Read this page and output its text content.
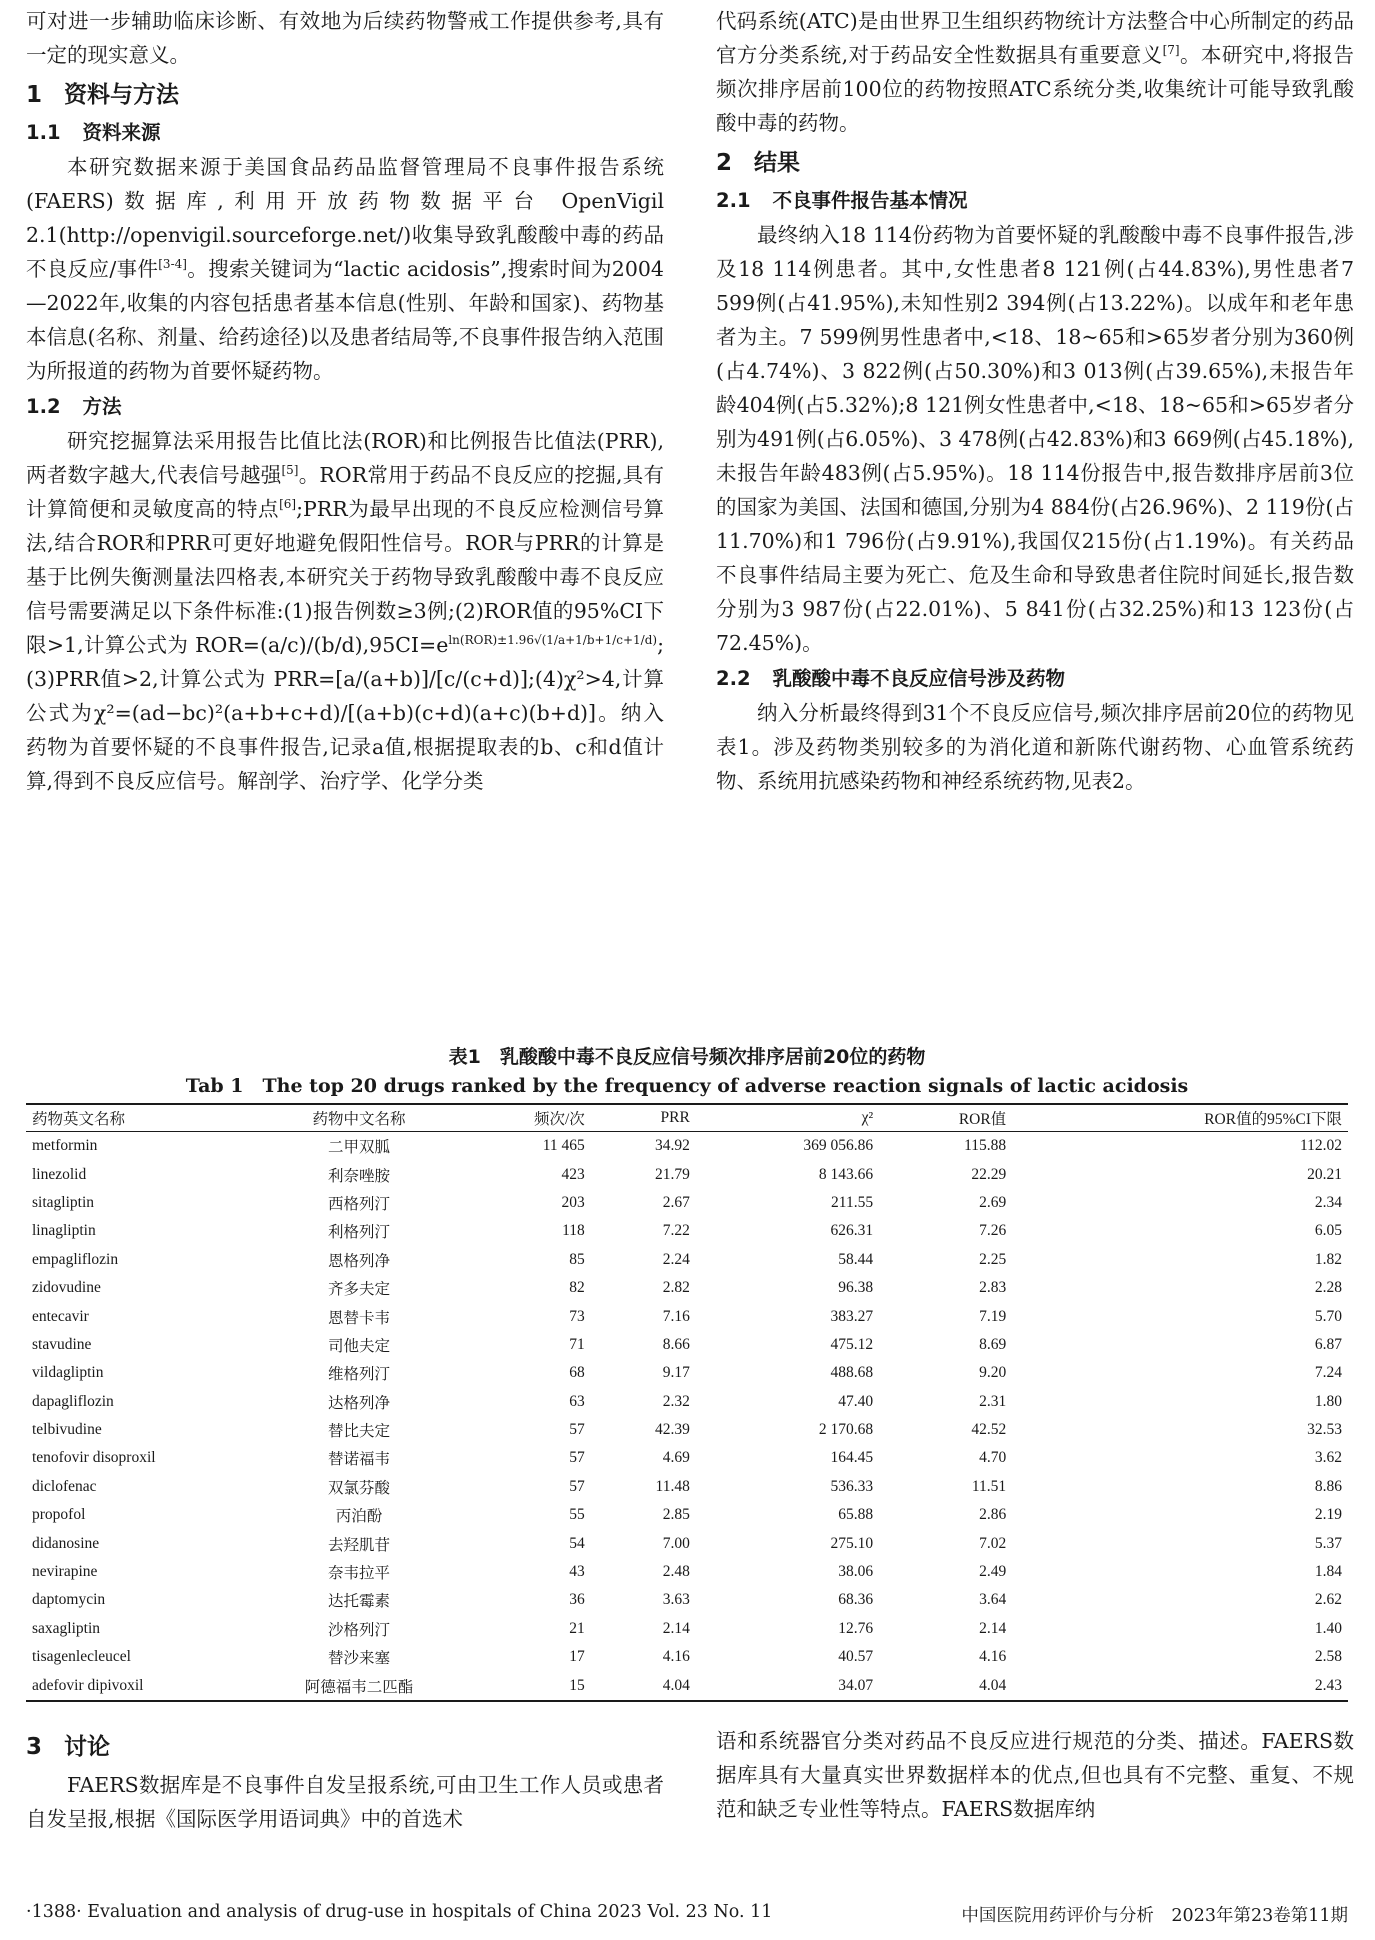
可对进一步辅助临床诊断、有效地为后续药物警戒工作提供参考,具有一定的现实意义。

1 资料与方法
1.1 资料来源

本研究数据来源于美国食品药品监督管理局不良事件报告系统(FAERS)数据库,利用开放药物数据平台 OpenVigil 2.1(http://openvigil.sourceforge.net/)收集导致乳酸酸中毒的药品不良反应/事件[3-4]。搜索关键词为“lactic acidosis”,搜索时间为2004—2022年,收集的内容包括患者基本信息(性别、年龄和国家)、药物基本信息(名称、剂量、给药途径)以及患者结局等,不良事件报告纳入范围为所报道的药物为首要怀疑药物。

1.2 方法

研究挖掘算法采用报告比值比法(ROR)和比例报告比值法(PRR),两者数字越大,代表信号越强[5]。ROR常用于药品不良反应的挖掘,具有计算简便和灵敏度高的特点[6];PRR为最早出现的不良反应检测信号算法,结合ROR和PRR可更好地避免假阳性信号。ROR与PRR的计算是基于比例失衡测量法四格表,本研究关于药物导致乳酸酸中毒不良反应信号需要满足以下条件标准:(1)报告例数≥3例;(2)ROR值的95%CI下限>1,计算公式为 $ROR=(a/c)/(b/d),95CI=e^{ln(ROR)\pm 1.96√(1/a+1/b+1/c+1/d)};(3)PRR$值>2,计算公式为 PRR=[a/(a+b)]/[c/(c+d)];(4)χ²>4,计算公式为χ²=(ad−bc)²(a+b+c+d)/[(a+b)(c+d)(a+c)(b+d)]。纳入药物为首要怀疑的不良事件报告,记录a值,根据提取表的b、c和d值计算,得到不良反应信号。解剖学、治疗学、化学分类

代码系统(ATC)是由世界卫生组织药物统计方法整合中心所制定的药品官方分类系统,对于药品安全性数据具有重要意义[7]。本研究中,将报告频次排序居前100位的药物按照ATC系统分类,收集统计可能导致乳酸酸中毒的药物。

2 结果
2.1 不良事件报告基本情况

最终纳入18 114份药物为首要怀疑的乳酸酸中毒不良事件报告,涉及18 114例患者。其中,女性患者8 121例(占44.83%),男性患者7 599例(占41.95%),未知性别2 394例(占13.22%)。以成年和老年患者为主。7 599例男性患者中,<18、18~65和>65岁者分别为360例(占4.74%)、3 822例(占50.30%)和3 013例(占39.65%),未报告年龄404例(占5.32%);8 121例女性患者中,<18、18~65和>65岁者分别为491例(占6.05%)、3 478例(占42.83%)和3 669例(占45.18%),未报告年龄483例(占5.95%)。18 114份报告中,报告数排序居前3位的国家为美国、法国和德国,分别为4 884份(占26.96%)、2 119份(占11.70%)和1 796份(占9.91%),我国仅215份(占1.19%)。有关药品不良事件结局主要为死亡、危及生命和导致患者住院时间延长,报告数分别为3 987份(占22.01%)、5 841份(占32.25%)和13 123份(占72.45%)。

2.2 乳酸酸中毒不良反应信号涉及药物

纳入分析最终得到31个不良反应信号,频次排序居前20位的药物见表1。涉及药物类别较多的为消化道和新陈代谢药物、心血管系统药物、系统用抗感染药物和神经系统药物,见表2。

表1　乳酸酸中毒不良反应信号频次排序居前20位的药物
Tab 1　The top 20 drugs ranked by the frequency of adverse reaction signals of lactic acidosis
药物英文名称	药物中文名称	频次/次	PRR	χ²	ROR值	ROR值的95%CI下限
metformin	二甲双胍	11 465	34.92	369 056.86	115.88	112.02
linezolid	利奈唑胺	423	21.79	8 143.66	22.29	20.21
sitagliptin	西格列汀	203	2.67	211.55	2.69	2.34
linagliptin	利格列汀	118	7.22	626.31	7.26	6.05
empagliflozin	恩格列净	85	2.24	58.44	2.25	1.82
zidovudine	齐多夫定	82	2.82	96.38	2.83	2.28
entecavir	恩替卡韦	73	7.16	383.27	7.19	5.70
stavudine	司他夫定	71	8.66	475.12	8.69	6.87
vildagliptin	维格列汀	68	9.17	488.68	9.20	7.24
dapagliflozin	达格列净	63	2.32	47.40	2.31	1.80
telbivudine	替比夫定	57	42.39	2 170.68	42.52	32.53
tenofovir disoproxil	替诺福韦	57	4.69	164.45	4.70	3.62
diclofenac	双氯芬酸	57	11.48	536.33	11.51	8.86
propofol	丙泊酚	55	2.85	65.88	2.86	2.19
didanosine	去羟肌苷	54	7.00	275.10	7.02	5.37
nevirapine	奈韦拉平	43	2.48	38.06	2.49	1.84
daptomycin	达托霉素	36	3.63	68.36	3.64	2.62
saxagliptin	沙格列汀	21	2.14	12.76	2.14	1.40
tisagenlecleucel	替沙来塞	17	4.16	40.57	4.16	2.58
adefovir dipivoxil	阿德福韦二匹酯	15	4.04	34.07	4.04	2.43
3 讨论

FAERS数据库是不良事件自发呈报系统,可由卫生工作人员或患者自发呈报,根据《国际医学用语词典》中的首选术

语和系统器官分类对药品不良反应进行规范的分类、描述。FAERS数据库具有大量真实世界数据样本的优点,但也具有不完整、重复、不规范和缺乏专业性等特点。FAERS数据库纳

·1388· Evaluation and analysis of drug-use in hospitals of China 2023 Vol. 23 No. 11	中国医院用药评价与分析　2023年第23卷第11期
